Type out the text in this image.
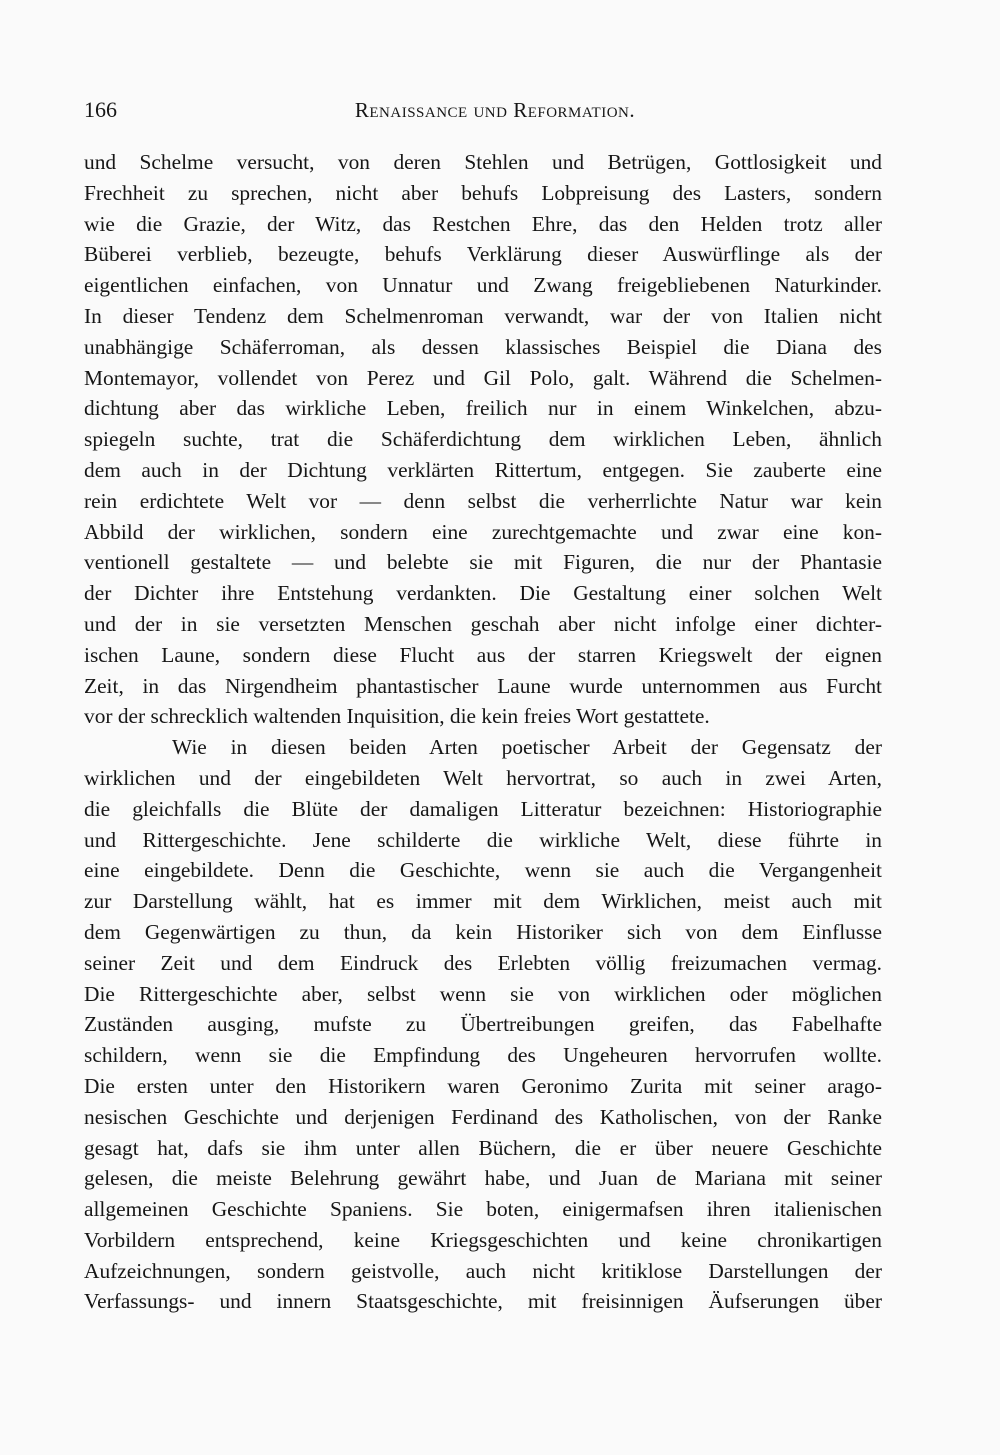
166	Renaissance und Reformation.
und Schelme versucht, von deren Stehlen und Betrügen, Gottlosigkeit und
Frechheit zu sprechen, nicht aber behufs Lobpreisung des Lasters, sondern
wie die Grazie, der Witz, das Restchen Ehre, das den Helden trotz aller
Büberei verblieb, bezeugte, behufs Verklärung dieser Auswürflinge als der
eigentlichen einfachen, von Unnatur und Zwang freigebliebenen Naturkinder.
In dieser Tendenz dem Schelmenroman verwandt, war der von Italien nicht
unabhängige Schäferroman, als dessen klassisches Beispiel die Diana des
Montemayor, vollendet von Perez und Gil Polo, galt. Während die Schelmen-
dichtung aber das wirkliche Leben, freilich nur in einem Winkelchen, abzu-
spiegeln suchte, trat die Schäferdichtung dem wirklichen Leben, ähnlich
dem auch in der Dichtung verklärten Rittertum, entgegen. Sie zauberte eine
rein erdichtete Welt vor — denn selbst die verherrlichte Natur war kein
Abbild der wirklichen, sondern eine zurechtgemachte und zwar eine kon-
ventionell gestaltete — und belebte sie mit Figuren, die nur der Phantasie
der Dichter ihre Entstehung verdankten. Die Gestaltung einer solchen Welt
und der in sie versetzten Menschen geschah aber nicht infolge einer dichter-
ischen Laune, sondern diese Flucht aus der starren Kriegswelt der eignen
Zeit, in das Nirgendheim phantastischer Laune wurde unternommen aus Furcht
vor der schrecklich waltenden Inquisition, die kein freies Wort gestattete.
Wie in diesen beiden Arten poetischer Arbeit der Gegensatz der
wirklichen und der eingebildeten Welt hervortrat, so auch in zwei Arten,
die gleichfalls die Blüte der damaligen Litteratur bezeichnen: Historiographie
und Rittergeschichte. Jene schilderte die wirkliche Welt, diese führte in
eine eingebildete. Denn die Geschichte, wenn sie auch die Vergangenheit
zur Darstellung wählt, hat es immer mit dem Wirklichen, meist auch mit
dem Gegenwärtigen zu thun, da kein Historiker sich von dem Einflusse
seiner Zeit und dem Eindruck des Erlebten völlig freizumachen vermag.
Die Rittergeschichte aber, selbst wenn sie von wirklichen oder möglichen
Zuständen ausging, mufste zu Übertreibungen greifen, das Fabelhafte
schildern, wenn sie die Empfindung des Ungeheuren hervorrufen wollte.
Die ersten unter den Historikern waren Geronimo Zurita mit seiner arago-
nesischen Geschichte und derjenigen Ferdinand des Katholischen, von der Ranke
gesagt hat, dafs sie ihm unter allen Büchern, die er über neuere Geschichte
gelesen, die meiste Belehrung gewährt habe, und Juan de Mariana mit seiner
allgemeinen Geschichte Spaniens. Sie boten, einigermafsen ihren italienischen
Vorbildern entsprechend, keine Kriegsgeschichten und keine chronikartigen
Aufzeichnungen, sondern geistvolle, auch nicht kritiklose Darstellungen der
Verfassungs- und innern Staatsgeschichte, mit freisinnigen Äufserungen über
